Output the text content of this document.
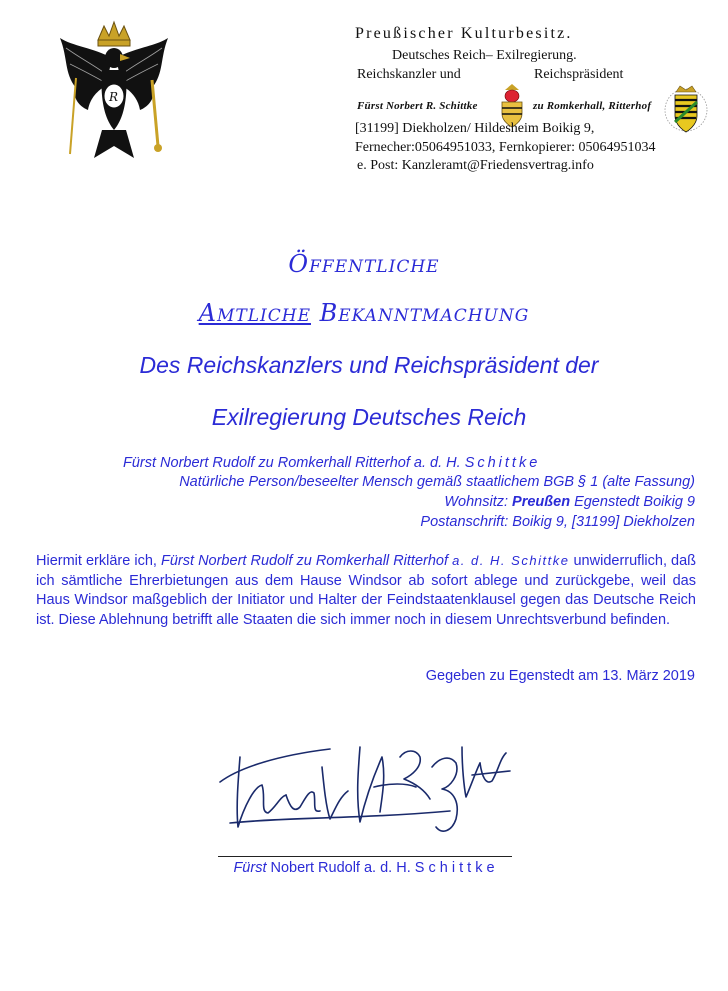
R
Preußischer Kulturbesitz.
Deutsches Reich– Exilregierung.
Reichskanzler und	Reichspräsident
Fürst Norbert R. Schittke	zu Romkerhall, Ritterhof
[31199] Diekholzen/ Hildesheim Boikig 9,
Fernecher:05064951033, Fernkopierer: 05064951034
e. Post: Kanzleramt@Friedensvertrag.info
Öffentliche
Amtliche Bekanntmachung
Des Reichskanzlers und Reichspräsident der
Exilregierung Deutsches Reich
Fürst Norbert Rudolf zu Romkerhall Ritterhof a. d. H. Schittke
Natürliche Person/beseelter Mensch gemäß staatlichem BGB § 1 (alte Fassung)
Wohnsitz: Preußen Egenstedt Boikig 9
Postanschrift: Boikig 9, [31199] Diekholzen
Hiermit erkläre ich, Fürst Norbert Rudolf zu Romkerhall Ritterhof a. d. H. Schittke unwiderruflich, daß ich sämtliche Ehrerbietungen aus dem Hause Windsor ab sofort ablege und zurückgebe, weil das Haus Windsor maßgeblich der Initiator und Halter der Feindstaatenklausel gegen das Deutsche Reich ist. Diese Ablehnung betrifft alle Staaten die sich immer noch in diesem Unrechtsverbund befinden.
Gegeben zu Egenstedt am 13. März 2019
Fürst Nobert Rudolf a. d. H. S c h i t t k e
